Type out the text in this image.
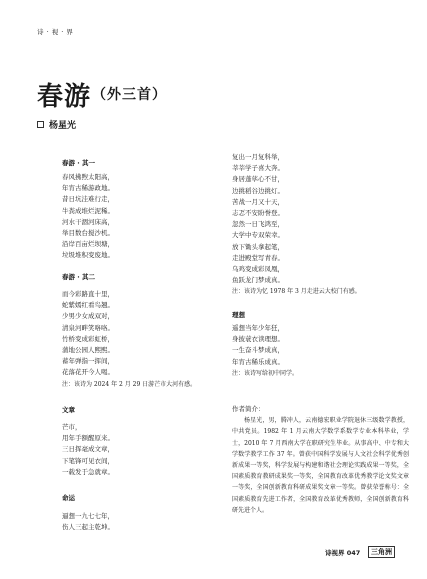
诗 · 视 · 界
春游 （外三首）
杨星光
春游 · 其一
春风拂煦太阳高，
年宵古稀游政地。
昔日坑洼难行走，
牛粪成堆烂泥稀。
河水干涸河床高，
举目数台搅沙机。
沿岸百亩烂坝塘，
垃圾堆积变废地。
春游 · 其二
而今彩路直十里，
蛇紫嫣红看鸟翘。
少男少女成双对，
清泉河畔笑咯咯。
竹桥变成彩虹桥，
蒲地公园人熙熙。
蓄年弹指一挥间，
花落花开今人喝。
注：该诗为 2024 年 2 月 29 日游芒市大河有感。
文章
芒市，
用年手额醒原来。
三日挥毫成文章，
下笔锋可见衣间，
一载发于急就章。
命运
逼想一九七七年，
伤人三起主乾坤。
复出一月复科举，
莘莘学子喜大奔。
身居蓬荜心不甘，
边挑稻谷边挑灯。
苦战一月又十天，
志忑不安盼誉登。
忽然一日飞鸿至，
大学中专双荣幸。
放下锄头拿起笔，
走进殿堂写青春。
乌鸡变成彩凤凰，
鱼跃龙门梦成真。
注：该诗为忆 1978 年 3 月走进云大校门有感。
理想
遥想当年少年狂，
身披蓑衣读理想。
一生奋斗梦成真，
年宵古稀乐成真。
注：该诗写给初中同学。
作者简介：
杨星光，男，腾冲人，云南德宏职业学院退休三级数学教授，中共党员。1982 年 1 月云南大学数学系数学专业本科毕业，学士，2010 年 7 月西南大学在职研究生毕业。从事高中、中专和大学数学教学工作 37 年。曾获中国科学发展与人文社会科学优秀创新成果一等奖，科学发展与构建和谐社会理论实践成果一等奖，全国素质教育教研成果奖一等奖，全国教育改革优秀教学论文奖文章一等奖，全国创新教育科研成果奖文章一等奖。曾获荣誉称号：全国素质教育先进工作者，全国教育改革优秀教师，全国创新教育科研先进个人。
诗视界 047	三角洲
